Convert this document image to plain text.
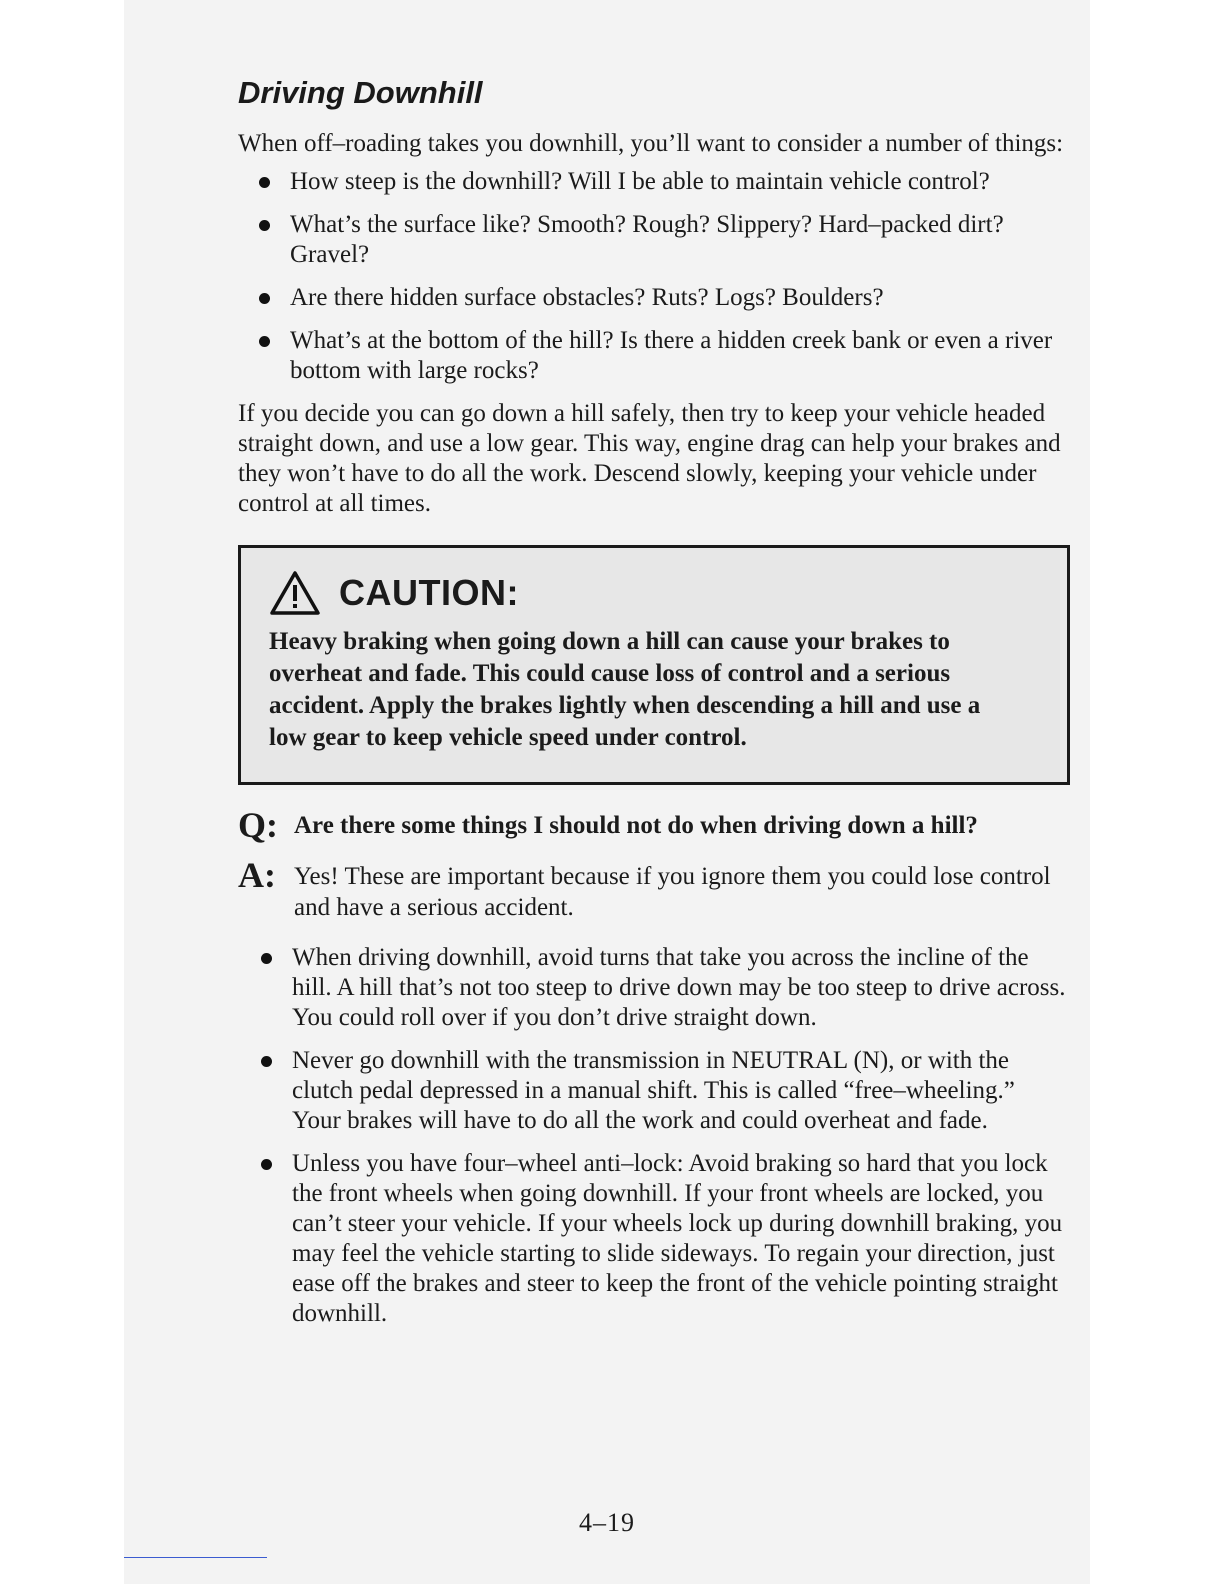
Driving Downhill

When off–roading takes you downhill, you’ll want to consider a number of things:

How steep is the downhill? Will I be able to maintain vehicle control?
What’s the surface like? Smooth? Rough? Slippery? Hard–packed dirt? Gravel?
Are there hidden surface obstacles? Ruts? Logs? Boulders?
What’s at the bottom of the hill? Is there a hidden creek bank or even a river bottom with large rocks?

If you decide you can go down a hill safely, then try to keep your vehicle headed straight down, and use a low gear. This way, engine drag can help your brakes and they won’t have to do all the work. Descend slowly, keeping your vehicle under control at all times.

CAUTION:
Heavy braking when going down a hill can cause your brakes to overheat and fade. This could cause loss of control and a serious accident. Apply the brakes lightly when descending a hill and use a low gear to keep vehicle speed under control.
Q: Are there some things I should not do when driving down a hill?
A: Yes! These are important because if you ignore them you could lose control and have a serious accident.
When driving downhill, avoid turns that take you across the incline of the hill. A hill that’s not too steep to drive down may be too steep to drive across. You could roll over if you don’t drive straight down.
Never go downhill with the transmission in NEUTRAL (N), or with the clutch pedal depressed in a manual shift. This is called “free–wheeling.” Your brakes will have to do all the work and could overheat and fade.
Unless you have four–wheel anti–lock: Avoid braking so hard that you lock the front wheels when going downhill. If your front wheels are locked, you can’t steer your vehicle. If your wheels lock up during downhill braking, you may feel the vehicle starting to slide sideways. To regain your direction, just ease off the brakes and steer to keep the front of the vehicle pointing straight downhill.
4–19
